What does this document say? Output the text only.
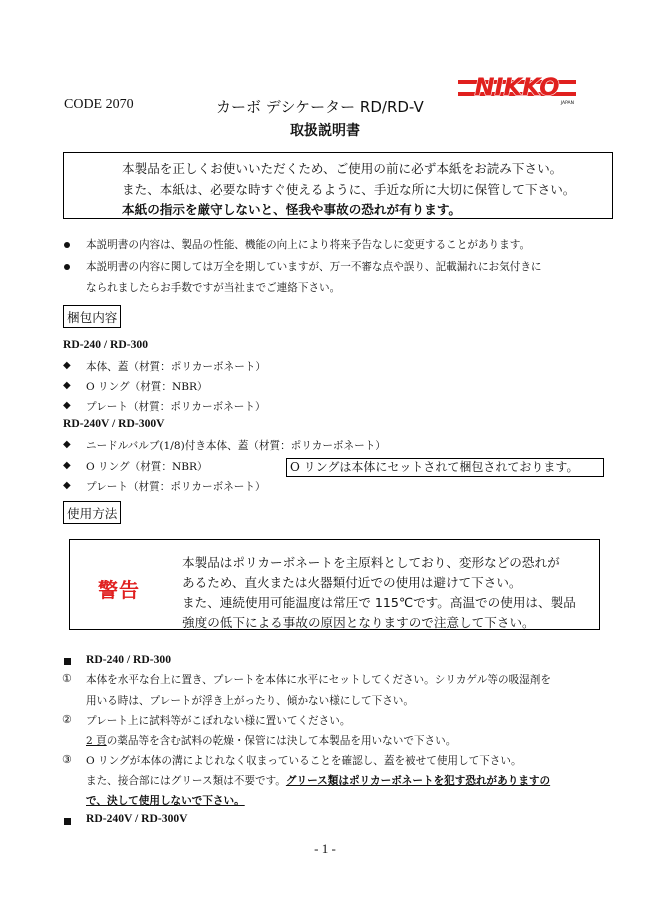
NIKKO
JAPAN
CODE 2070	カーボ デシケーター RD/RD-V
取扱説明書
本製品を正しくお使いいただくため、ご使用の前に必ず本紙をお読み下さい。
また、本紙は、必要な時すぐ使えるように、手近な所に大切に保管して下さい。
本紙の指示を厳守しないと、怪我や事故の恐れが有ります。
本説明書の内容は、製品の性能、機能の向上により将来予告なしに変更することがあります。
本説明書の内容に関しては万全を期していますが、万一不審な点や誤り、記載漏れにお気付きに
なられましたらお手数ですが当社までご連絡下さい。
梱包内容
RD-240 / RD-300
◆ 本体、蓋（材質：ポリカーボネート）
◆ O リング（材質：NBR）
◆ プレート（材質：ポリカーボネート）
RD-240V / RD-300V
◆ ニードルバルブ(1/8)付き本体、蓋（材質：ポリカーボネート）
◆ O リング（材質：NBR）
◆ プレート（材質：ポリカーボネート）
O リングは本体にセットされて梱包されております。
使用方法
警告
本製品はポリカーボネートを主原料としており、変形などの恐れが
あるため、直火または火器類付近での使用は避けて下さい。
また、連続使用可能温度は常圧で 115℃です。高温での使用は、製品
強度の低下による事故の原因となりますので注意して下さい。
RD-240 / RD-300
① 本体を水平な台上に置き、プレートを本体に水平にセットしてください。シリカゲル等の吸湿剤を
用いる時は、プレートが浮き上がったり、傾かない様にして下さい。
② プレート上に試料等がこぼれない様に置いてください。
2 頁の薬品等を含む試料の乾燥・保管には決して本製品を用いないで下さい。
③ O リングが本体の溝によじれなく収まっていることを確認し、蓋を被せて使用して下さい。
また、接合部にはグリース類は不要です。グリース類はポリカーボネートを犯す恐れがありますの
で、決して使用しないで下さい。
RD-240V / RD-300V
- 1 -
